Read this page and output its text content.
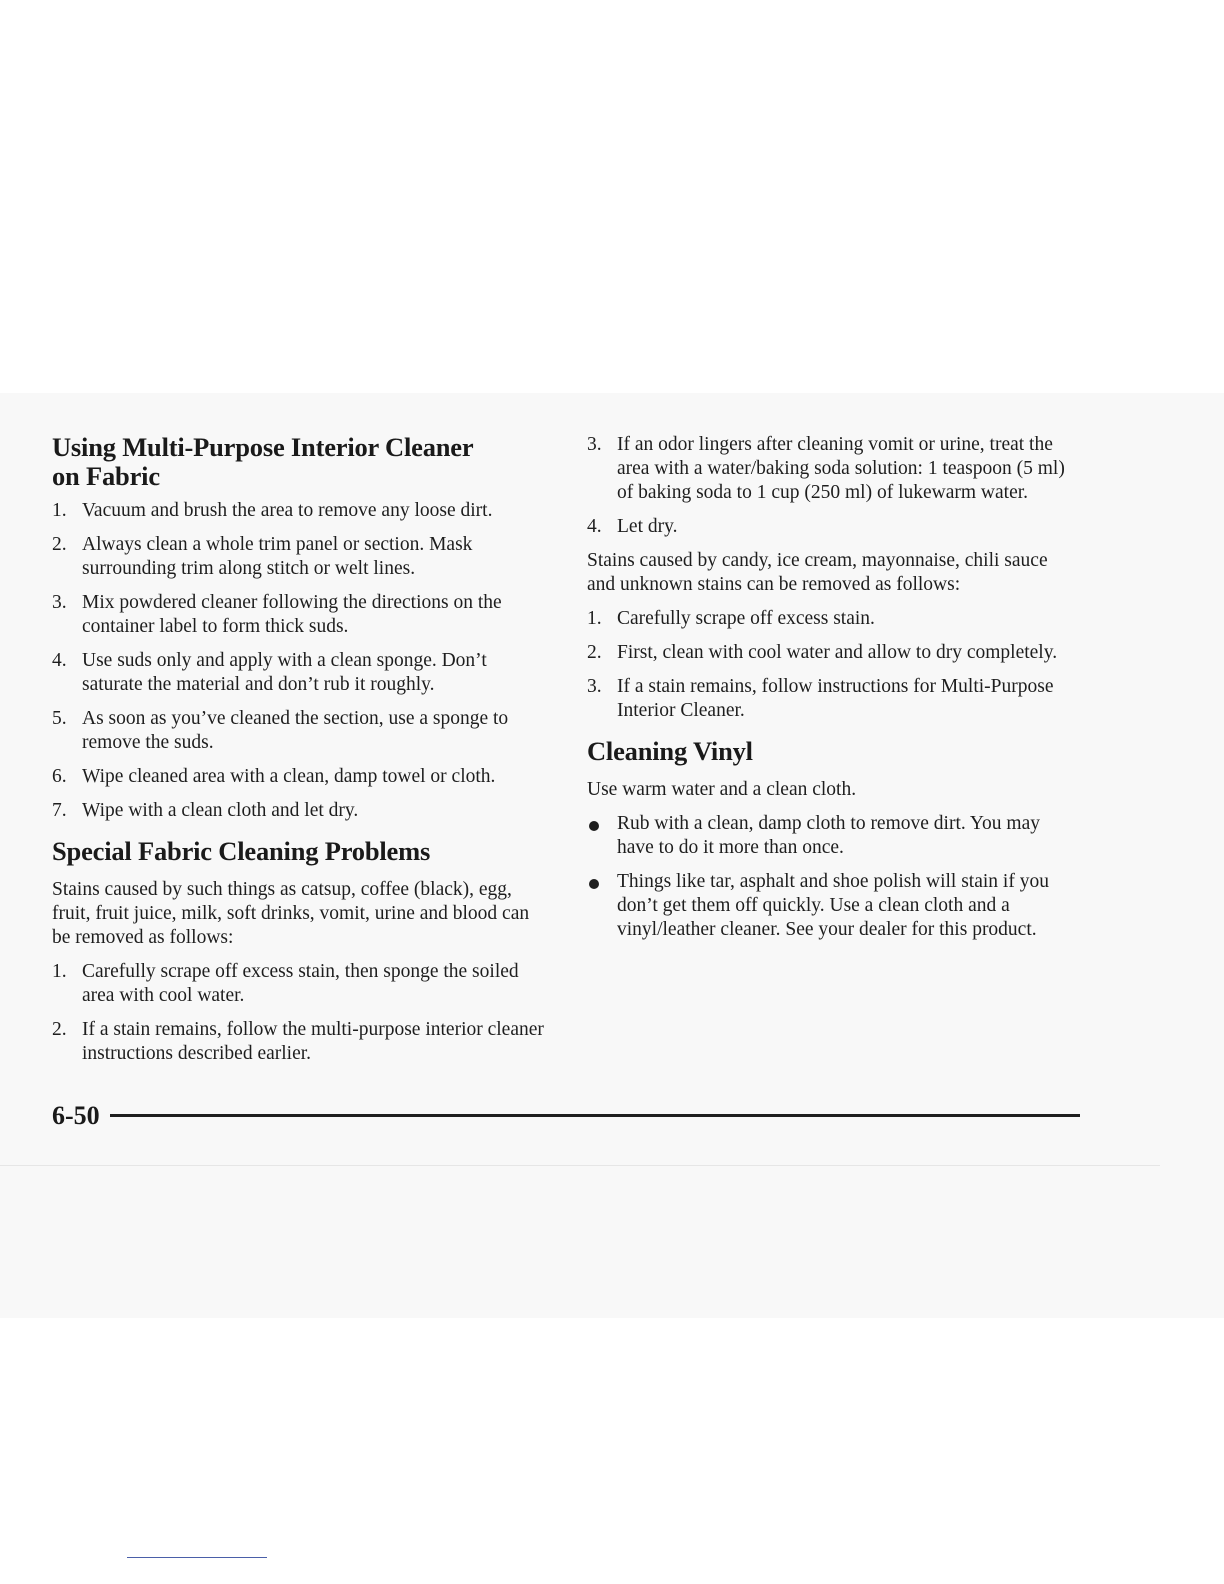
Using Multi-Purpose Interior Cleaner on Fabric
1. Vacuum and brush the area to remove any loose dirt.
2. Always clean a whole trim panel or section. Mask surrounding trim along stitch or welt lines.
3. Mix powdered cleaner following the directions on the container label to form thick suds.
4. Use suds only and apply with a clean sponge. Don’t saturate the material and don’t rub it roughly.
5. As soon as you’ve cleaned the section, use a sponge to remove the suds.
6. Wipe cleaned area with a clean, damp towel or cloth.
7. Wipe with a clean cloth and let dry.
Special Fabric Cleaning Problems

Stains caused by such things as catsup, coffee (black), egg, fruit, fruit juice, milk, soft drinks, vomit, urine and blood can be removed as follows:

1. Carefully scrape off excess stain, then sponge the soiled area with cool water.
2. If a stain remains, follow the multi-purpose interior cleaner instructions described earlier.
3. If an odor lingers after cleaning vomit or urine, treat the area with a water/baking soda solution: 1 teaspoon (5 ml) of baking soda to 1 cup (250 ml) of lukewarm water.
4. Let dry.

Stains caused by candy, ice cream, mayonnaise, chili sauce and unknown stains can be removed as follows:

1. Carefully scrape off excess stain.
2. First, clean with cool water and allow to dry completely.
3. If a stain remains, follow instructions for Multi-Purpose Interior Cleaner.
Cleaning Vinyl

Use warm water and a clean cloth.

Rub with a clean, damp cloth to remove dirt. You may have to do it more than once.
Things like tar, asphalt and shoe polish will stain if you don’t get them off quickly. Use a clean cloth and a vinyl/leather cleaner. See your dealer for this product.
6-50
